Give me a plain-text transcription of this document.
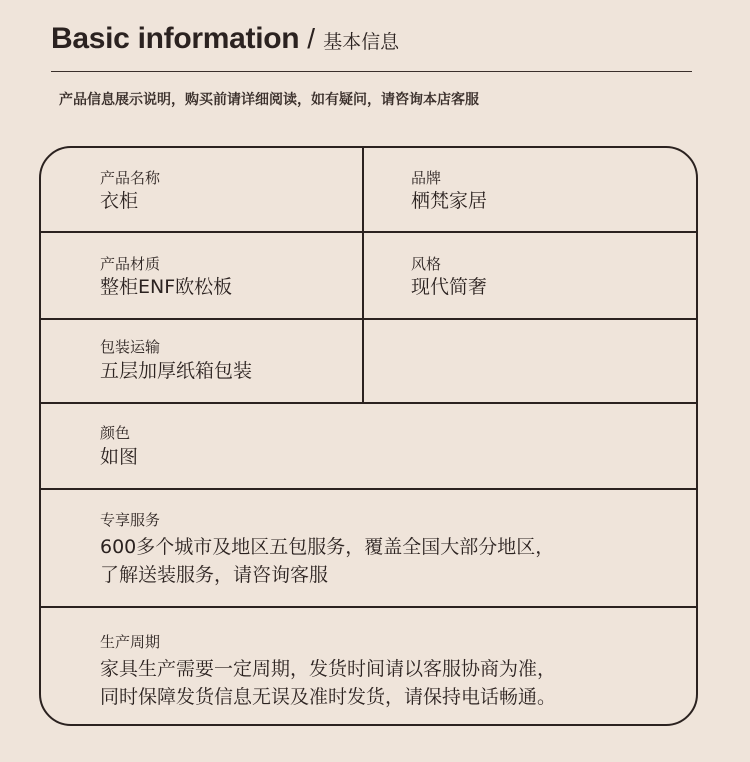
Basic information / 基本信息
产品信息展示说明，购买前请详细阅读，如有疑问，请咨询本店客服
产品名称
衣柜
品牌
栖梵家居
产品材质
整柜ENF欧松板
风格
现代简奢
包装运输
五层加厚纸箱包装
颜色
如图
专享服务
600多个城市及地区五包服务，覆盖全国大部分地区，
了解送装服务，请咨询客服
生产周期
家具生产需要一定周期，发货时间请以客服协商为准，
同时保障发货信息无误及准时发货，请保持电话畅通。
